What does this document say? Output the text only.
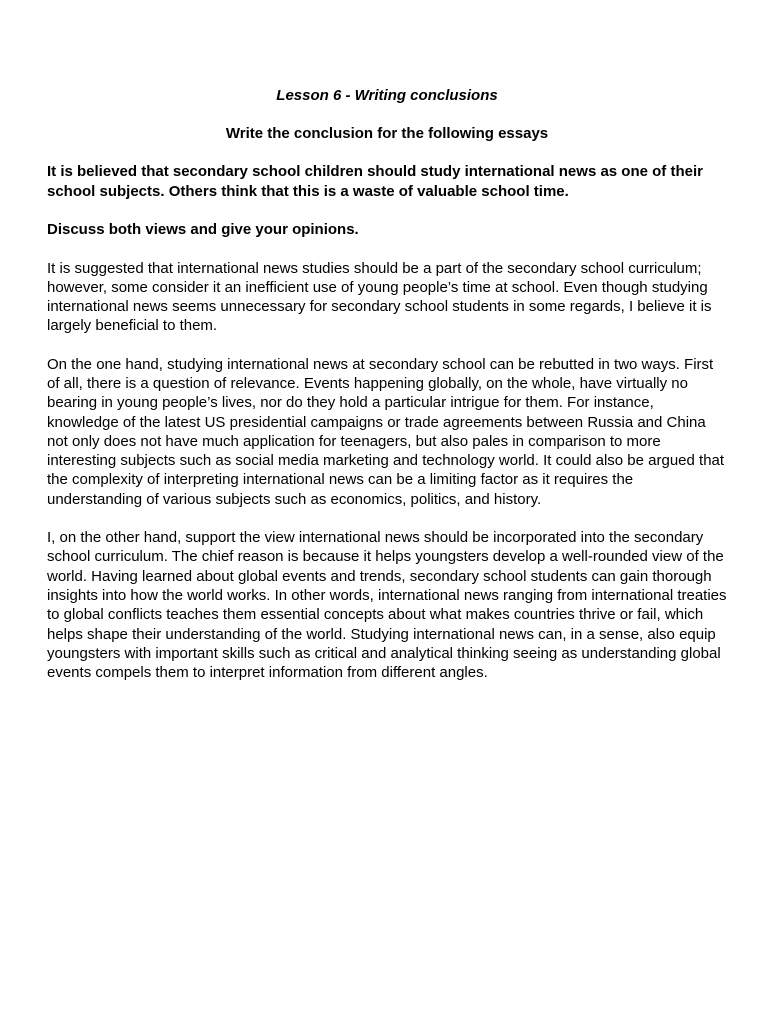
Lesson 6 - Writing conclusions
Write the conclusion for the following essays
It is believed that secondary school children should study international news as one of their school subjects. Others think that this is a waste of valuable school time.
Discuss both views and give your opinions.
It is suggested that international news studies should be a part of the secondary school curriculum; however, some consider it an inefficient use of young people’s time at school. Even though studying international news seems unnecessary for secondary school students in some regards, I believe it is largely beneficial to them.
On the one hand, studying international news at secondary school can be rebutted in two ways. First of all, there is a question of relevance. Events happening globally, on the whole, have virtually no bearing in young people’s lives, nor do they hold a particular intrigue for them. For instance, knowledge of the latest US presidential campaigns or trade agreements between Russia and China not only does not have much application for teenagers, but also pales in comparison to more interesting subjects such as social media marketing and technology world. It could also be argued that the complexity of interpreting international news can be a limiting factor as it requires the understanding of various subjects such as economics, politics, and history.
I, on the other hand, support the view international news should be incorporated into the secondary school curriculum. The chief reason is because it helps youngsters develop a well-rounded view of the world. Having learned about global events and trends, secondary school students can gain thorough insights into how the world works. In other words, international news ranging from international treaties to global conflicts teaches them essential concepts about what makes countries thrive or fail, which helps shape their understanding of the world. Studying international news can, in a sense, also equip youngsters with important skills such as critical and analytical thinking seeing as understanding global events compels them to interpret information from different angles.
